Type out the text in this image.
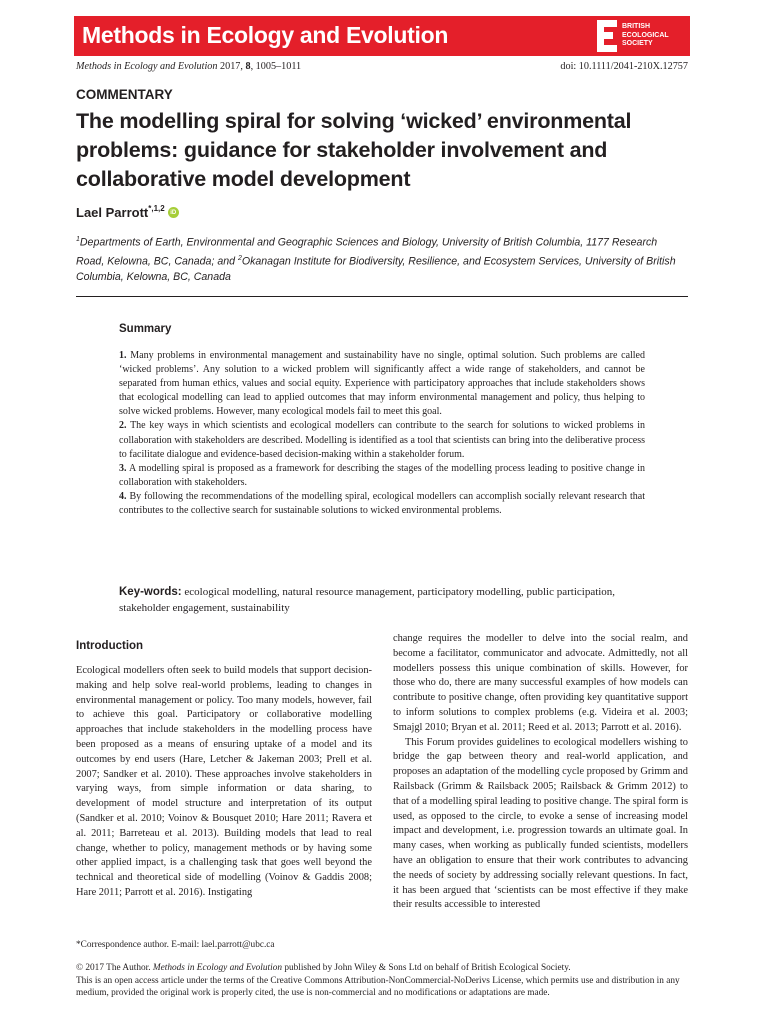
Methods in Ecology and Evolution	BRITISH
ECOLOGICAL
SOCIETY
Methods in Ecology and Evolution 2017, 8, 1005–1011	doi: 10.1111/2041-210X.12757
COMMENTARY
The modelling spiral for solving ‘wicked’ environmental problems: guidance for stakeholder involvement and collaborative model development
Lael Parrott$^{*,1,2}$ iD
$^1$Departments of Earth, Environmental and Geographic Sciences and Biology, University of British Columbia, 1177 Research Road, Kelowna, BC, Canada; and $^2$Okanagan Institute for Biodiversity, Resilience, and Ecosystem Services, University of British Columbia, Kelowna, BC, Canada
Summary

1. Many problems in environmental management and sustainability have no single, optimal solution. Such problems are called ‘wicked problems’. Any solution to a wicked problem will significantly affect a wide range of stakeholders, and cannot be separated from human ethics, values and social equity. Experience with participatory approaches that include stakeholders shows that ecological modelling can lead to applied outcomes that may inform environmental management and policy, thus helping to solve wicked problems. However, many ecological models fail to meet this goal.

2. The key ways in which scientists and ecological modellers can contribute to the search for solutions to wicked problems in collaboration with stakeholders are described. Modelling is identified as a tool that scientists can bring into the deliberative process to facilitate dialogue and evidence-based decision-making within a stakeholder forum.

3. A modelling spiral is proposed as a framework for describing the stages of the modelling process leading to positive change in collaboration with stakeholders.

4. By following the recommendations of the modelling spiral, ecological modellers can accomplish socially relevant research that contributes to the collective search for sustainable solutions to wicked environmental problems.

Key-words: ecological modelling, natural resource management, participatory modelling, public participation, stakeholder engagement, sustainability
Introduction

Ecological modellers often seek to build models that support decision-making and help solve real-world problems, leading to changes in environmental management or policy. Too many models, however, fail to achieve this goal. Participatory or collaborative modelling approaches that include stakeholders in the modelling process have been proposed as a means of ensuring uptake of a model and its outcomes by end users (Hare, Letcher & Jakeman 2003; Prell et al. 2007; Sandker et al. 2010). These approaches involve stakeholders in varying ways, from simple information or data sharing, to development of model structure and interpretation of its output (Sandker et al. 2010; Voinov & Bousquet 2010; Hare 2011; Ravera et al. 2011; Barreteau et al. 2013). Building models that lead to real change, whether to policy, management methods or by having some other applied impact, is a challenging task that goes well beyond the technical and theoretical side of modelling (Voinov & Gaddis 2008; Hare 2011; Parrott et al. 2016). Instigating

change requires the modeller to delve into the social realm, and become a facilitator, communicator and advocate. Admittedly, not all modellers possess this unique combination of skills. However, for those who do, there are many successful examples of how models can contribute to positive change, often providing key quantitative support to inform solutions to complex problems (e.g. Videira et al. 2003; Smajgl 2010; Bryan et al. 2011; Reed et al. 2013; Parrott et al. 2016).

This Forum provides guidelines to ecological modellers wishing to bridge the gap between theory and real-world application, and proposes an adaptation of the modelling cycle proposed by Grimm and Railsback (Grimm & Railsback 2005; Railsback & Grimm 2012) to that of a modelling spiral leading to positive change. The spiral form is used, as opposed to the circle, to evoke a sense of increasing model impact and development, i.e. progression towards an ultimate goal. In many cases, when working as publically funded scientists, modellers have an obligation to ensure that their work contributes to advancing the needs of society by addressing socially relevant questions. In fact, it has been argued that ‘scientists can be most effective if they make their results accessible to interested

*Correspondence author. E-mail: lael.parrott@ubc.ca
© 2017 The Author. Methods in Ecology and Evolution published by John Wiley & Sons Ltd on behalf of British Ecological Society.
This is an open access article under the terms of the Creative Commons Attribution-NonCommercial-NoDerivs License, which permits use and distribution in any medium, provided the original work is properly cited, the use is non-commercial and no modifications or adaptations are made.
